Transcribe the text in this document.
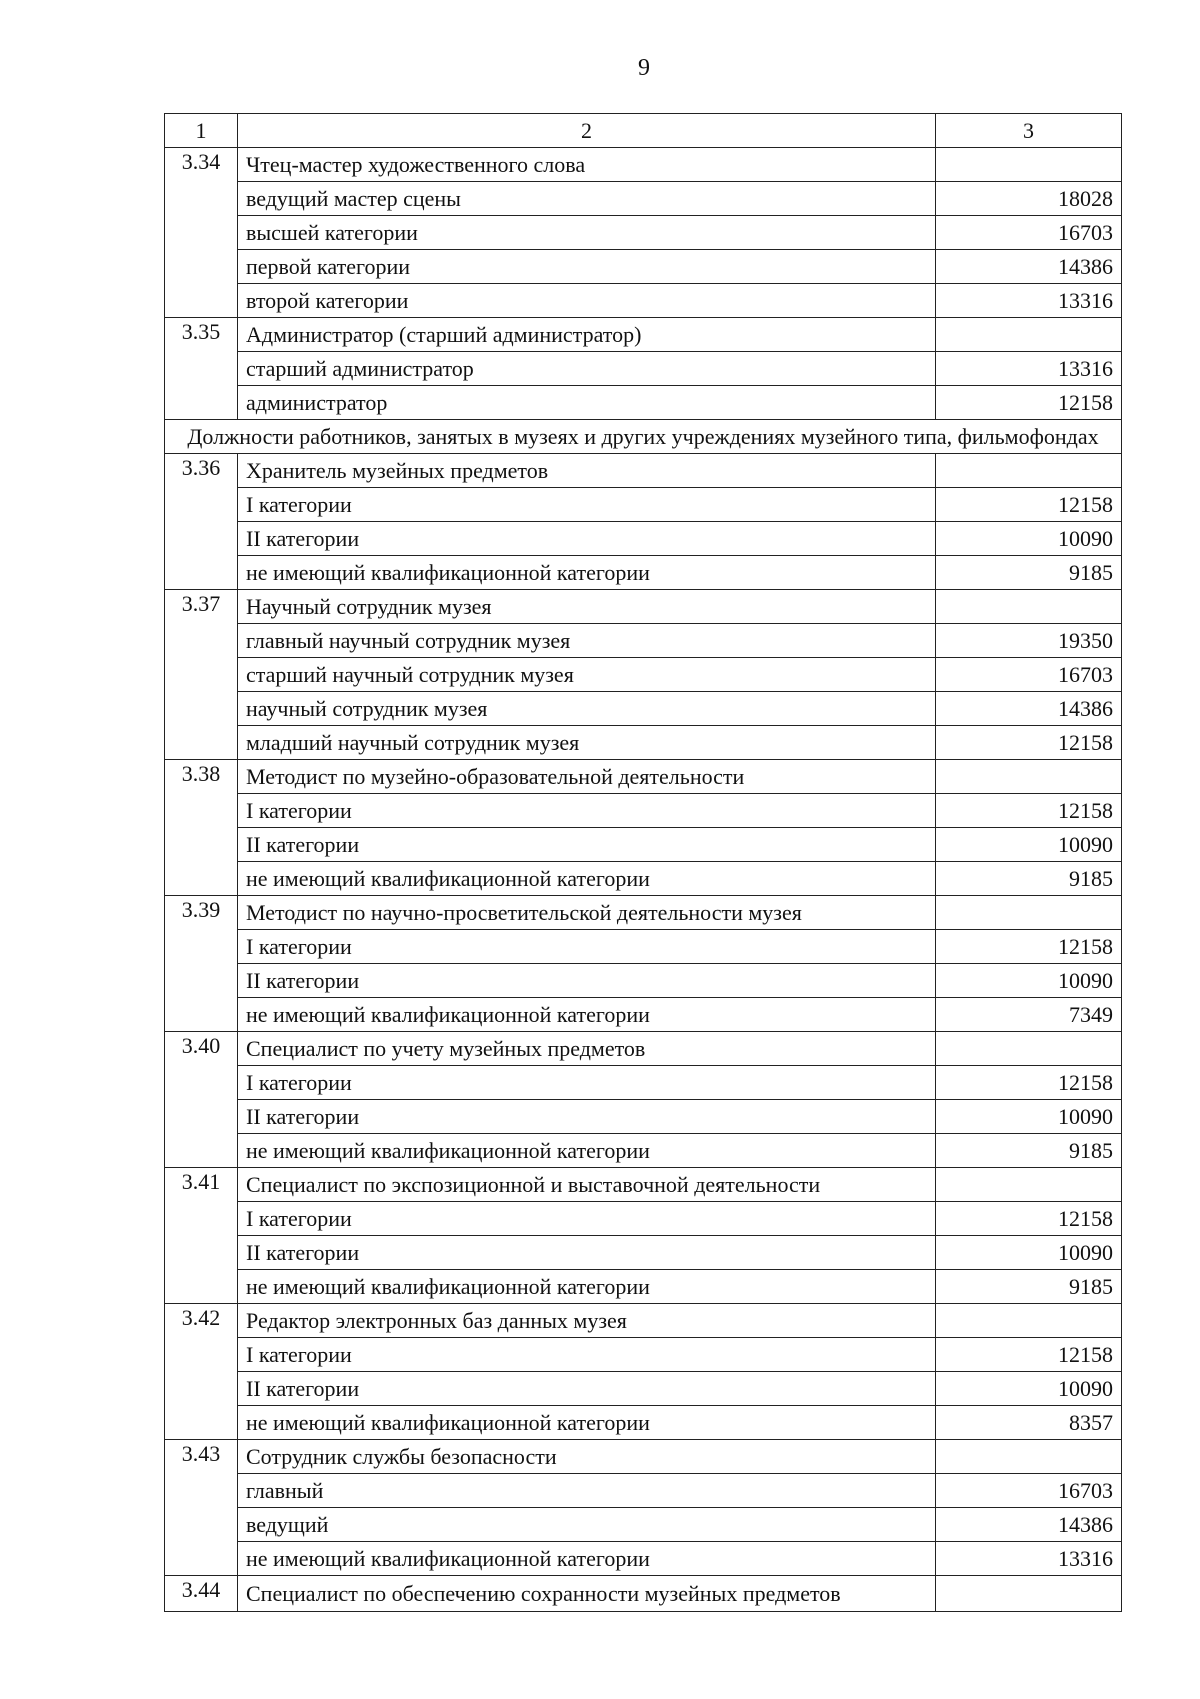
9
1	2	3
3.34	Чтец-мастер художественного слова	
	ведущий мастер сцены	18028
	высшей категории	16703
	первой категории	14386
	второй категории	13316
3.35	Администратор (старший администратор)	
	старший администратор	13316
	администратор	12158
Должности работников, занятых в музеях и других учреждениях музейного типа, фильмофондах		
3.36	Хранитель музейных предметов	
	I категории	12158
	II категории	10090
	не имеющий квалификационной категории	9185
3.37	Научный сотрудник музея	
	главный научный сотрудник музея	19350
	старший научный сотрудник музея	16703
	научный сотрудник музея	14386
	младший научный сотрудник музея	12158
3.38	Методист по музейно-образовательной деятельности	
	I категории	12158
	II категории	10090
	не имеющий квалификационной категории	9185
3.39	Методист по научно-просветительской деятельности музея	
	I категории	12158
	II категории	10090
	не имеющий квалификационной категории	7349
3.40	Специалист по учету музейных предметов	
	I категории	12158
	II категории	10090
	не имеющий квалификационной категории	9185
3.41	Специалист по экспозиционной и выставочной деятельности	
	I категории	12158
	II категории	10090
	не имеющий квалификационной категории	9185
3.42	Редактор электронных баз данных музея	
	I категории	12158
	II категории	10090
	не имеющий квалификационной категории	8357
3.43	Сотрудник службы безопасности	
	главный	16703
	ведущий	14386
	не имеющий квалификационной категории	13316
3.44	Специалист по обеспечению сохранности музейных предметов	
